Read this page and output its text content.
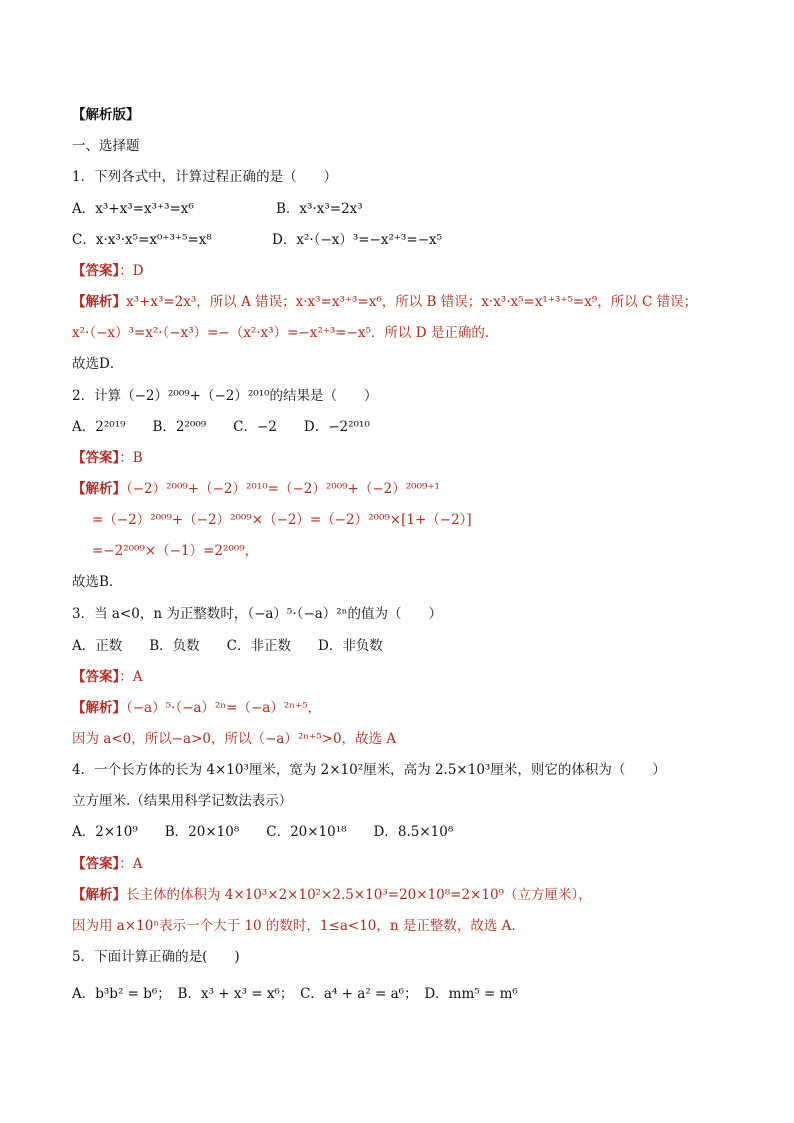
【解析版】
一、选择题
1．下列各式中，计算过程正确的是（　　）
A．x³+x³=x³⁺³=x⁶	B．x³·x³=2x³
C．x·x³·x⁵=x⁰⁺³⁺⁵=x⁸	D．x²·（−x）³=−x²⁺³=−x⁵
【答案】：D
【解析】x³+x³=2x³，所以 A 错误；x·x³=x³⁺³=x⁶，所以 B 错误；x·x³·x⁵=x¹⁺³⁺⁵=x⁹，所以 C 错误；
x²·（−x）³=x²·（−x³）=−（x²·x³）=−x²⁺³=−x⁵．所以 D 是正确的.
故选D．
2．计算（−2）²⁰⁰⁹+（−2）²⁰¹⁰的结果是（　　）
A．2²⁰¹⁹　　B．2²⁰⁰⁹　　C．−2　　D．−2²⁰¹⁰
【答案】：B
【解析】（−2）²⁰⁰⁹+（−2）²⁰¹⁰=（−2）²⁰⁰⁹+（−2）²⁰⁰⁹⁺¹
=（−2）²⁰⁰⁹+（−2）²⁰⁰⁹×（−2）=（−2）²⁰⁰⁹×[1+（−2）]
=−2²⁰⁰⁹×（−1）=2²⁰⁰⁹，
故选B．
3．当 a<0，n 为正整数时，（−a）⁵·（−a）²ⁿ的值为（　　）
A．正数　　B．负数　　C．非正数　　D．非负数
【答案】：A
【解析】（−a）⁵·（−a）²ⁿ=（−a）²ⁿ⁺⁵，
因为 a<0，所以−a>0，所以（−a）²ⁿ⁺⁵>0，故选 A
4．一个长方体的长为 4×10³厘米，宽为 2×10²厘米，高为 2.5×10³厘米，则它的体积为（　　）
立方厘米.（结果用科学记数法表示）
A．2×10⁹　　B．20×10⁸　　C．20×10¹⁸　　D．8.5×10⁸
【答案】：A
【解析】长主体的体积为 4×10³×2×10²×2.5×10³=20×10⁸=2×10⁹（立方厘米），
因为用 a×10ⁿ表示一个大于 10 的数时，1≤a<10，n 是正整数，故选 A．
5．下面计算正确的是(　　)
A．b³b² = b⁶；　B．x³ + x³ = x⁶；　C．a⁴ + a² = a⁶；　D．mm⁵ = m⁶
